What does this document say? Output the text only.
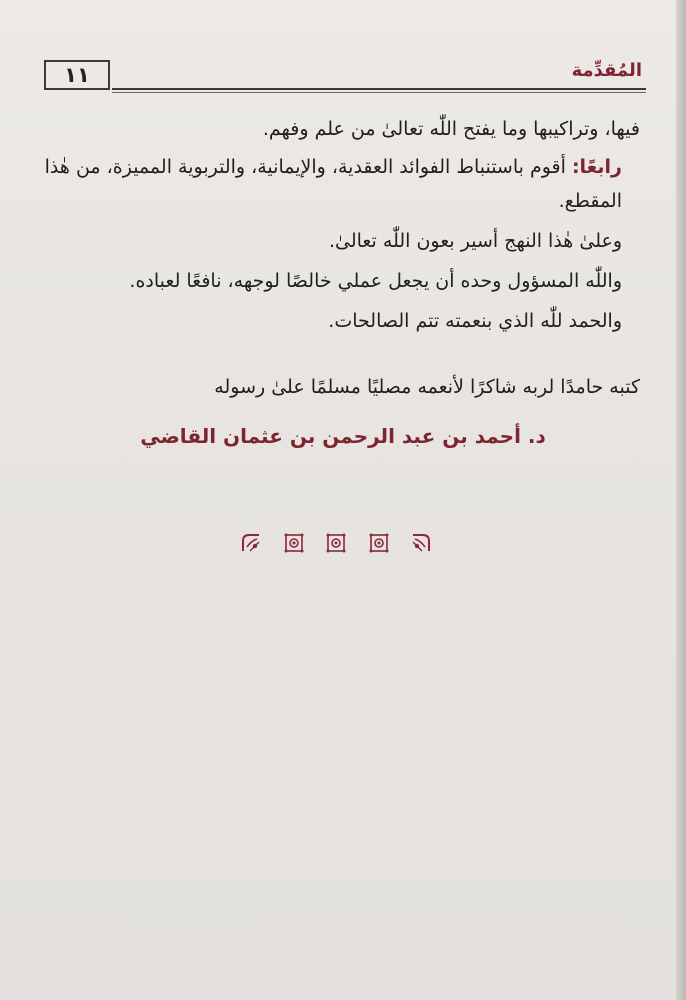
١١	المُقدِّمة

فيها، وتراكيبها وما يفتح اللّٰه تعالىٰ من علم وفهم.

رابعًا: أقوم باستنباط الفوائد العقدية، والإيمانية، والتربوية المميزة، من هٰذا المقطع.

وعلىٰ هٰذا النهج أسير بعون اللّٰه تعالىٰ.

واللّٰه المسؤول وحده أن يجعل عملي خالصًا لوجهه، نافعًا لعباده.

والحمد للّٰه الذي بنعمته تتم الصالحات.

كتبه حامدًا لربه شاكرًا لأنعمه مصليًا مسلمًا علىٰ رسوله
د. أحمد بن عبد الرحمن بن عثمان القاضي
